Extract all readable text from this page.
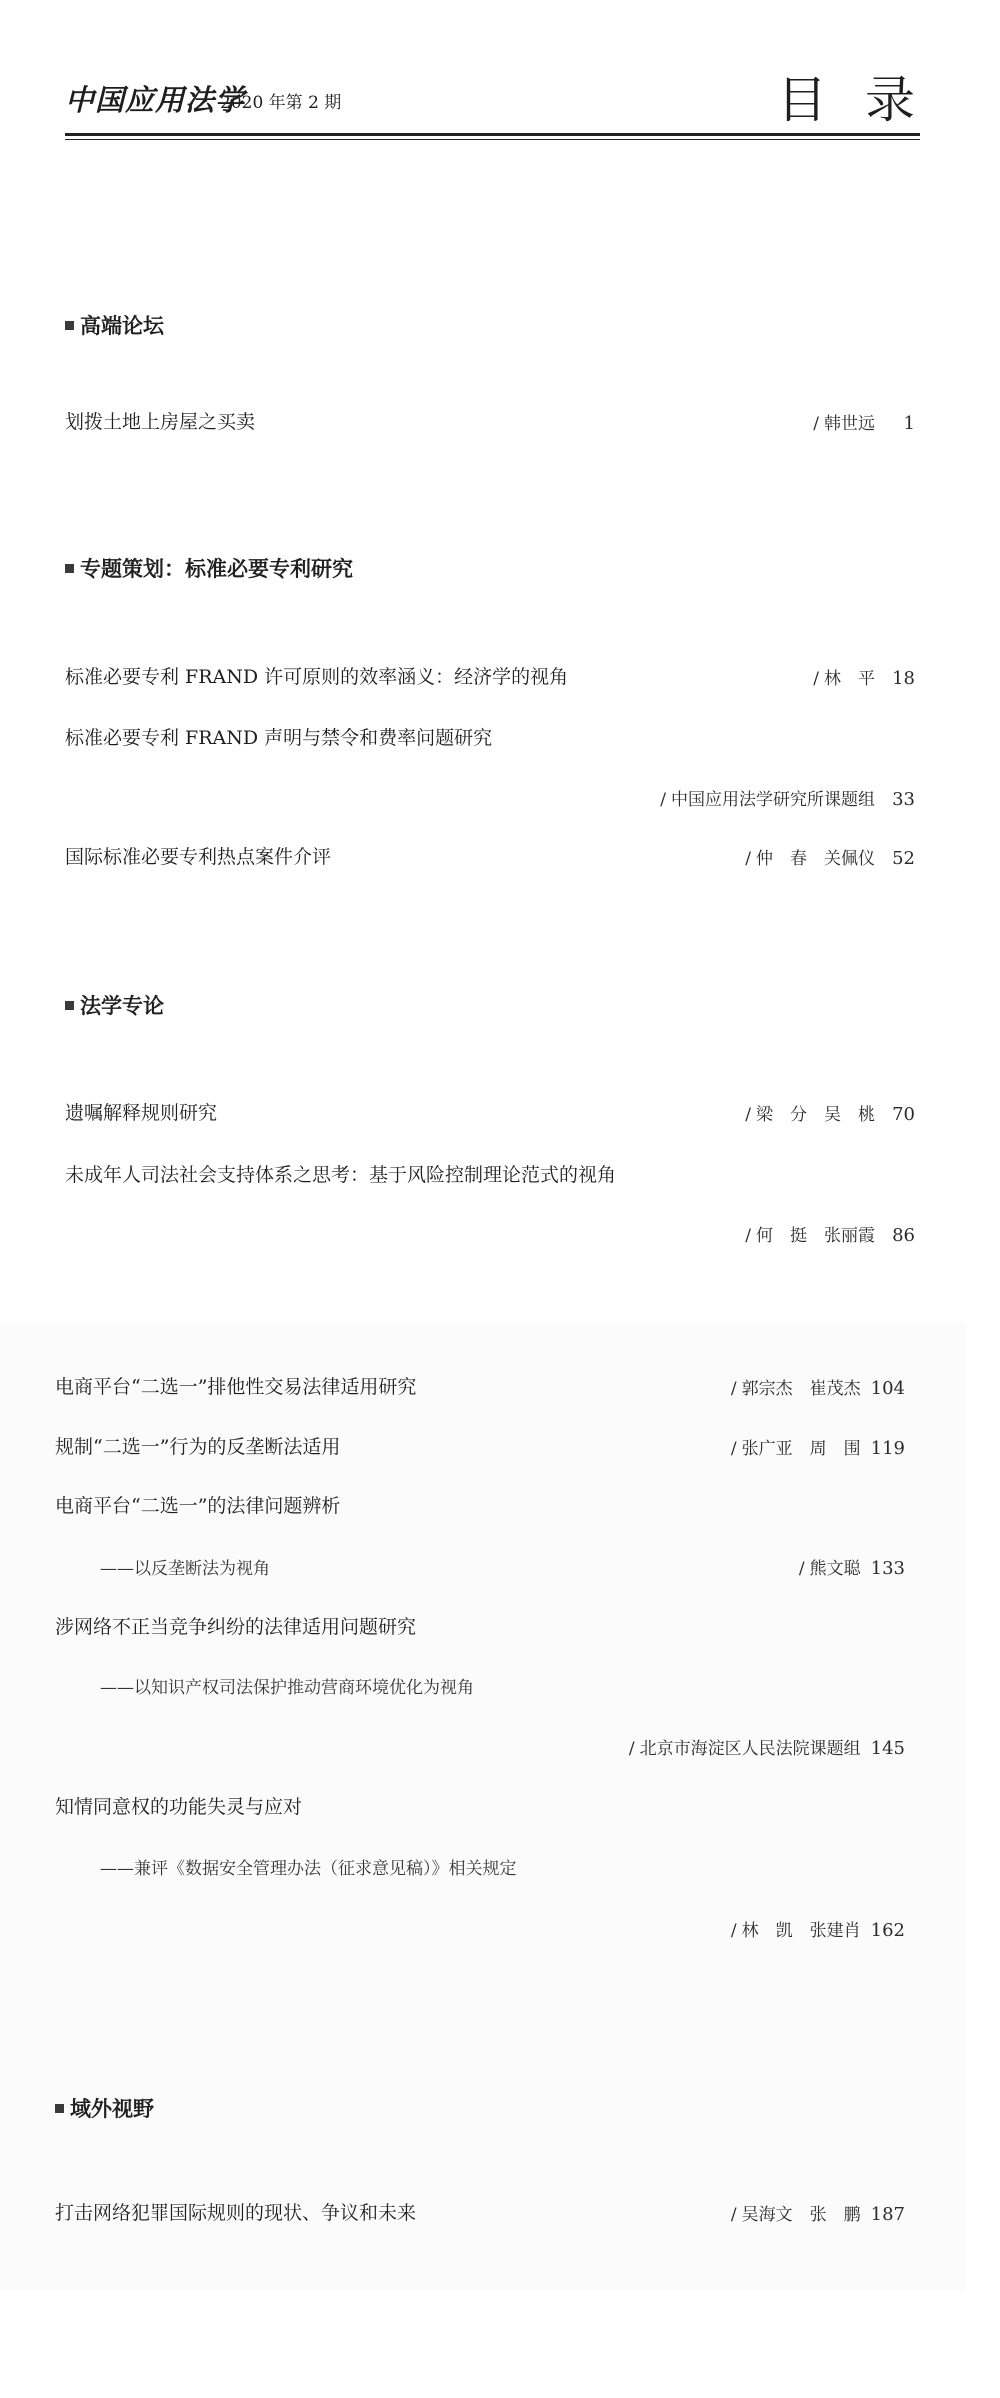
中国应用法学
2020 年第 2 期	目录
高端论坛
划拨土地上房屋之买卖	/ 韩世远 1
专题策划：标准必要专利研究
标准必要专利 FRAND 许可原则的效率涵义：经济学的视角	/ 林　平 18
标准必要专利 FRAND 声明与禁令和费率问题研究
/ 中国应用法学研究所课题组 33
国际标准必要专利热点案件介评	/ 仲　春　关佩仪 52
法学专论
遗嘱解释规则研究	/ 梁　分　吴　桃 70
未成年人司法社会支持体系之思考：基于风险控制理论范式的视角
/ 何　挺　张丽霞 86
电商平台“二选一”排他性交易法律适用研究	/ 郭宗杰　崔茂杰 104
规制“二选一”行为的反垄断法适用	/ 张广亚　周　围 119
电商平台“二选一”的法律问题辨析
——以反垄断法为视角	/ 熊文聪 133
涉网络不正当竞争纠纷的法律适用问题研究
——以知识产权司法保护推动营商环境优化为视角
/ 北京市海淀区人民法院课题组 145
知情同意权的功能失灵与应对
——兼评《数据安全管理办法（征求意见稿）》相关规定
/ 林　凯　张建肖 162
域外视野
打击网络犯罪国际规则的现状、争议和未来	/ 吴海文　张　鹏 187
